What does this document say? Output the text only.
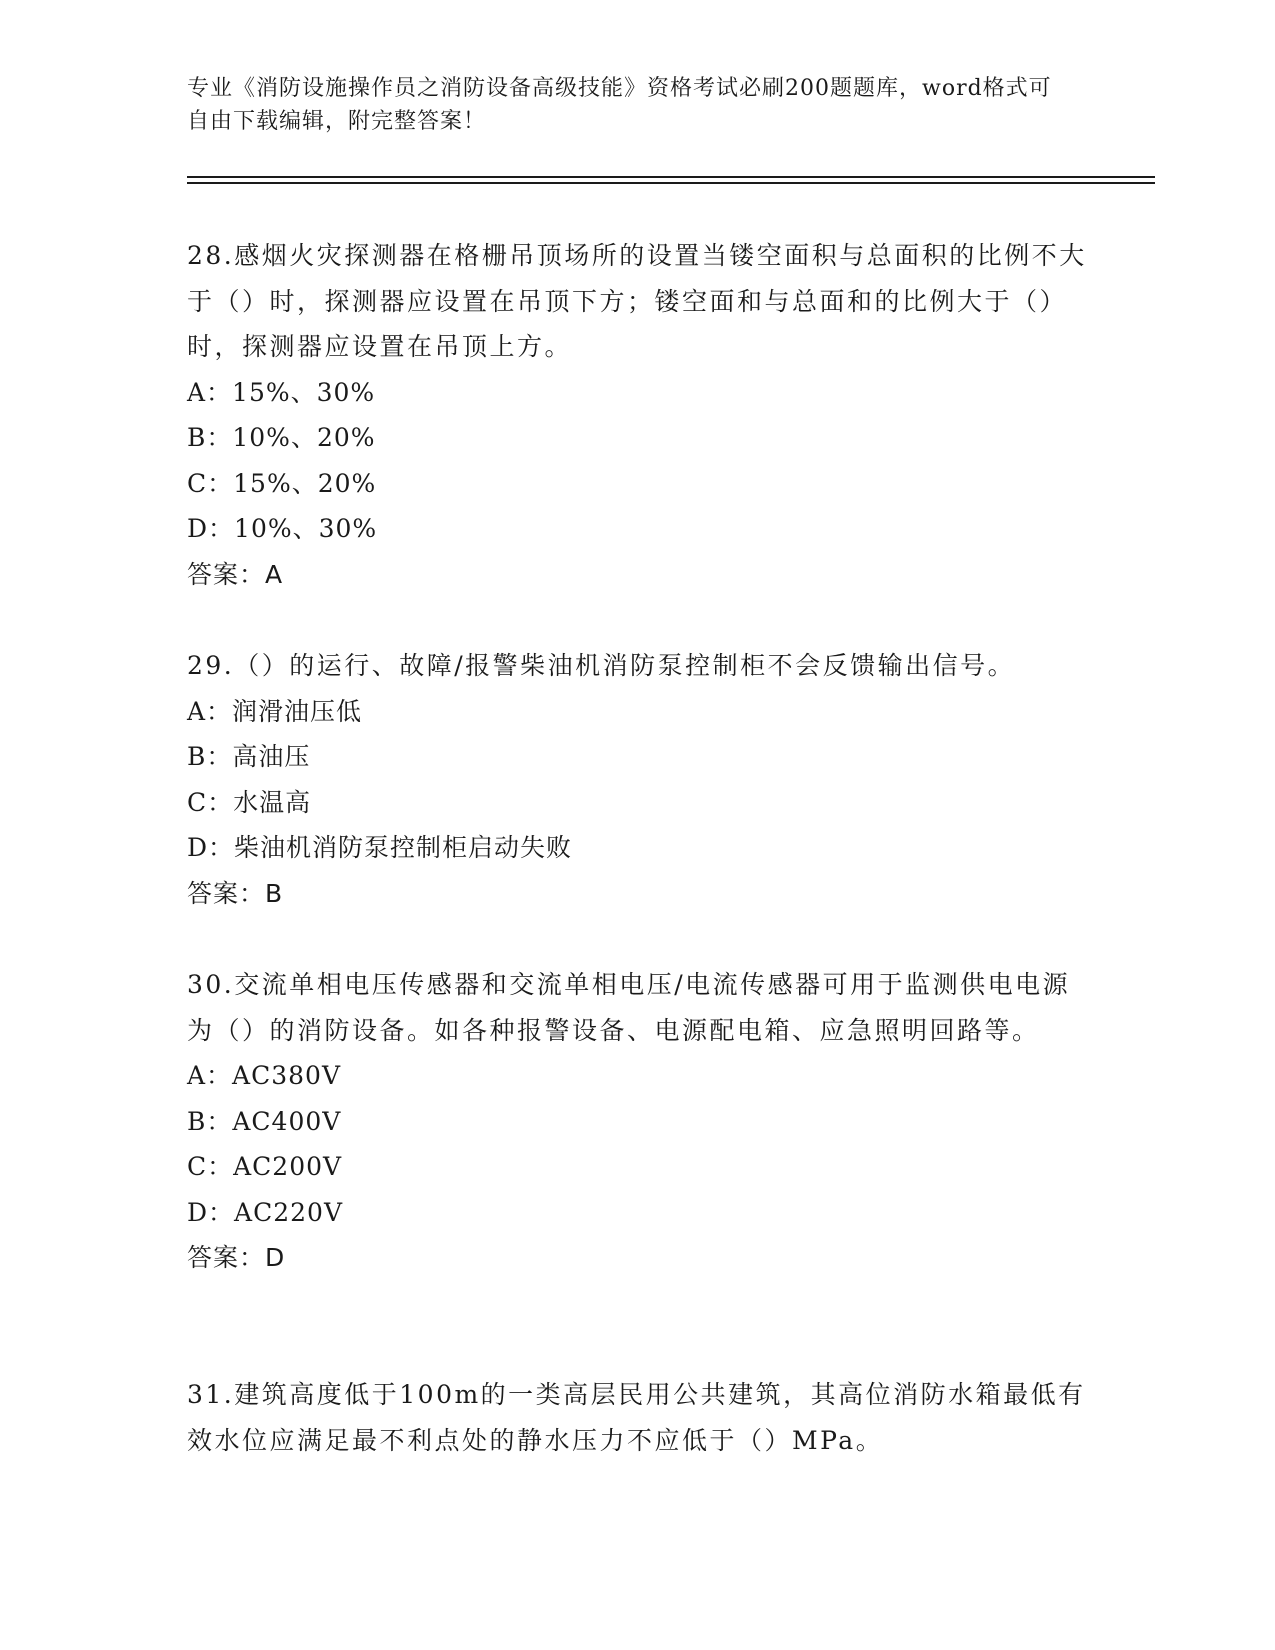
专业《消防设施操作员之消防设备高级技能》资格考试必刷200题题库，word格式可自由下载编辑，附完整答案！

28.感烟火灾探测器在格栅吊顶场所的设置当镂空面积与总面积的比例不大于（）时，探测器应设置在吊顶下方；镂空面和与总面和的比例大于（）时，探测器应设置在吊顶上方。

A：15%、30%

B：10%、20%

C：15%、20%

D：10%、30%

答案：A

29.（）的运行、故障/报警柴油机消防泵控制柜不会反馈输出信号。

A：润滑油压低

B：高油压

C：水温高

D：柴油机消防泵控制柜启动失败

答案：B

30.交流单相电压传感器和交流单相电压/电流传感器可用于监测供电电源为（）的消防设备。如各种报警设备、电源配电箱、应急照明回路等。

A：AC380V

B：AC400V

C：AC200V

D：AC220V

答案：D

31.建筑高度低于100m的一类高层民用公共建筑，其高位消防水箱最低有效水位应满足最不利点处的静水压力不应低于（）MPa。
